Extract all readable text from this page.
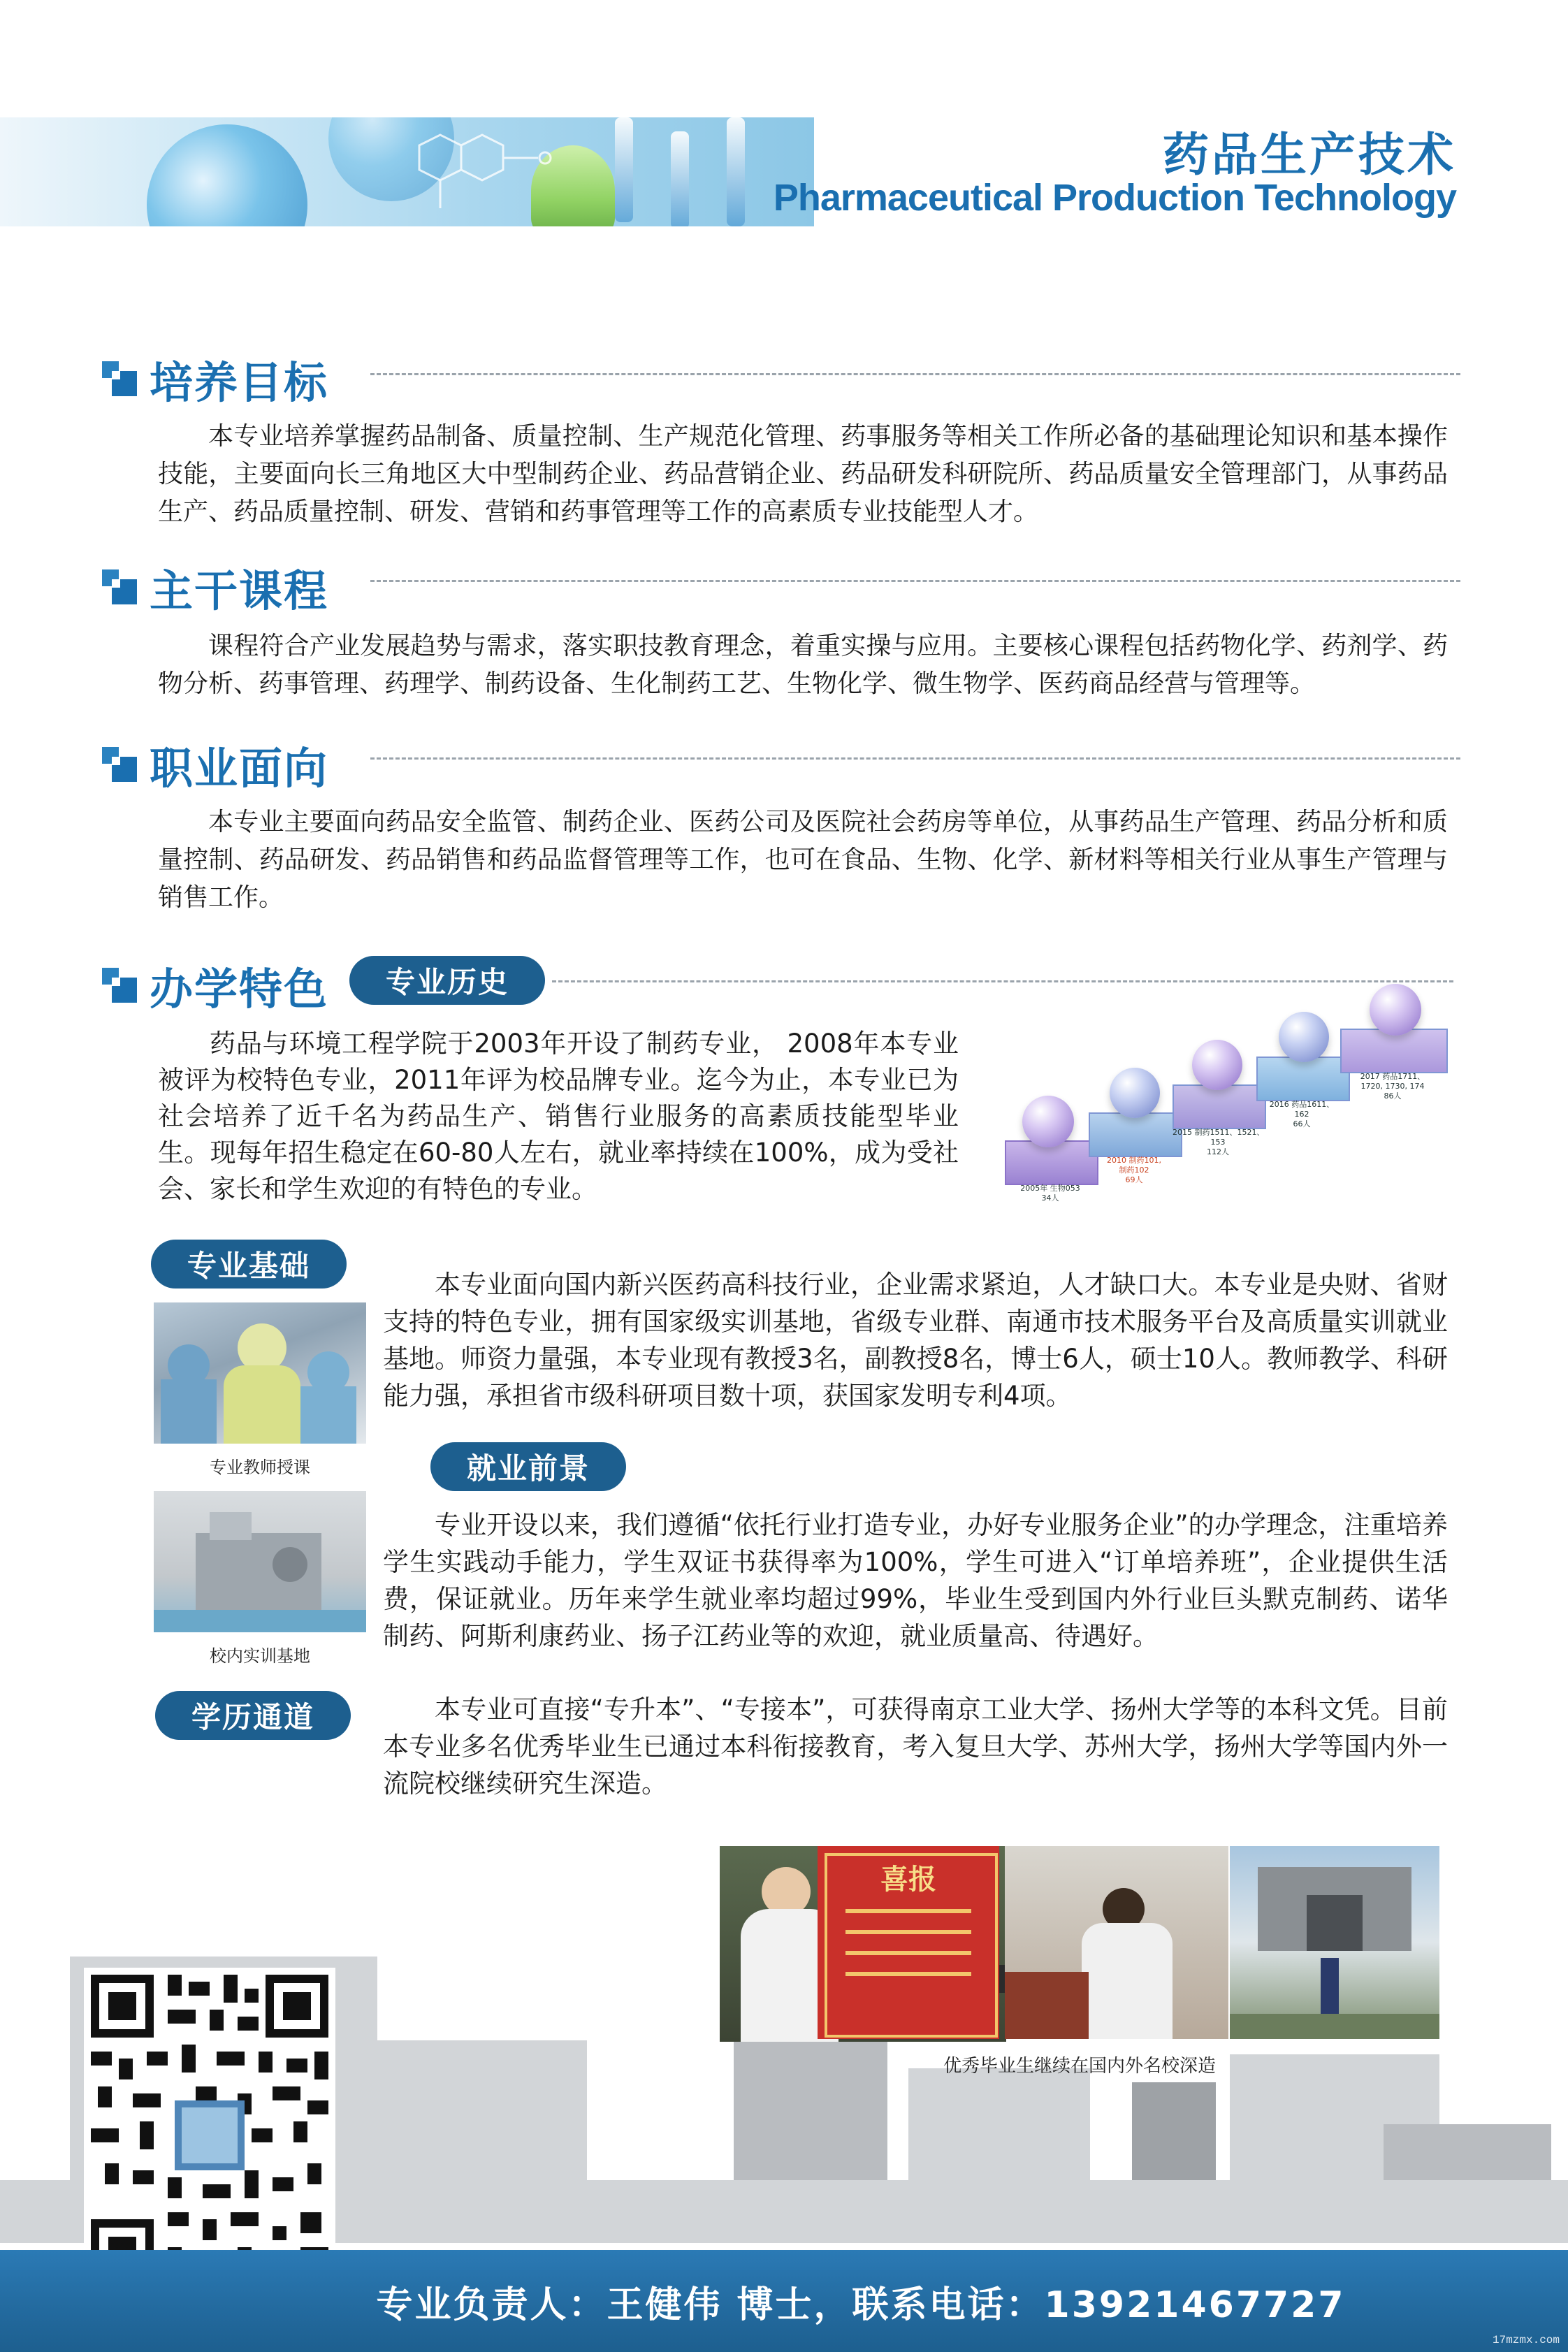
药品生产技术
Pharmaceutical Production Technology
培养目标
本专业培养掌握药品制备、质量控制、生产规范化管理、药事服务等相关工作所必备的基础理论知识和基本操作技能，主要面向长三角地区大中型制药企业、药品营销企业、药品研发科研院所、药品质量安全管理部门，从事药品生产、药品质量控制、研发、营销和药事管理等工作的高素质专业技能型人才。
主干课程
课程符合产业发展趋势与需求，落实职技教育理念，着重实操与应用。主要核心课程包括药物化学、药剂学、药物分析、药事管理、药理学、制药设备、生化制药工艺、生物化学、微生物学、医药商品经营与管理等。
职业面向
本专业主要面向药品安全监管、制药企业、医药公司及医院社会药房等单位，从事药品生产管理、药品分析和质量控制、药品研发、药品销售和药品监督管理等工作，也可在食品、生物、化学、新材料等相关行业从事生产管理与销售工作。
办学特色	专业历史
药品与环境工程学院于2003年开设了制药专业， 2008年本专业被评为校特色专业，2011年评为校品牌专业。迄今为止，本专业已为社会培养了近千名为药品生产、销售行业服务的高素质技能型毕业生。现每年招生稳定在60-80人左右，就业率持续在100%，成为受社会、家长和学生欢迎的有特色的专业。	2005年 生物053
34人
2010 制药101,
制药102
69人
2015 制药1511、1521、
153
112人
2016 药品1611、
162
66人
2017 药品1711、
1720, 1730, 174
86人
专业基础
专业教师授课
本专业面向国内新兴医药高科技行业，企业需求紧迫，人才缺口大。本专业是央财、省财支持的特色专业，拥有国家级实训基地，省级专业群、南通市技术服务平台及高质量实训就业基地。师资力量强，本专业现有教授3名，副教授8名，博士6人，硕士10人。教师教学、科研能力强，承担省市级科研项目数十项，获国家发明专利4项。
就业前景
校内实训基地
专业开设以来，我们遵循“依托行业打造专业，办好专业服务企业”的办学理念，注重培养学生实践动手能力，学生双证书获得率为100%，学生可进入“订单培养班”，企业提供生活费，保证就业。历年来学生就业率均超过99%，毕业生受到国内外行业巨头默克制药、诺华制药、阿斯利康药业、扬子江药业等的欢迎，就业质量高、待遇好。
学历通道	本专业可直接“专升本”、“专接本”，可获得南京工业大学、扬州大学等的本科文凭。目前本专业多名优秀毕业生已通过本科衔接教育，考入复旦大学、苏州大学，扬州大学等国内外一流院校继续研究生深造。
喜报
优秀毕业生继续在国内外名校深造
专业负责人：王健伟 博士，联系电话：13921467727
17mzmx.com
